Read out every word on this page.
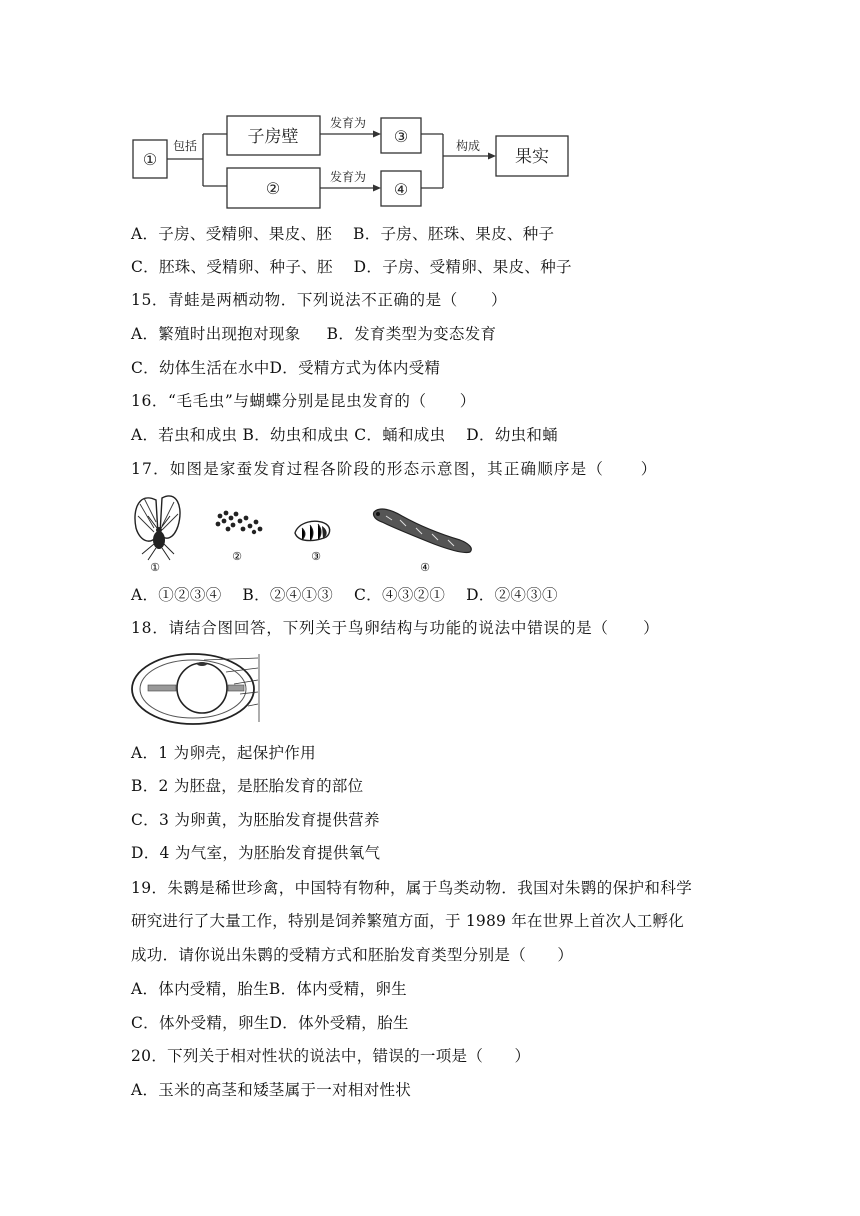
①
包括	子房壁
②
发育为
发育为
③
④
构成
果实
A．子房、受精卵、果皮、胚    B．子房、胚珠、果皮、种子
C．胚珠、受精卵、种子、胚    D．子房、受精卵、果皮、种子
15．青蛙是两栖动物．下列说法不正确的是（      ）
A．繁殖时出现抱对现象     B．发育类型为变态发育
C．幼体生活在水中D．受精方式为体内受精
16．“毛毛虫”与蝴蝶分别是昆虫发育的（      ）
A．若虫和成虫 B．幼虫和成虫 C．蛹和成虫    D．幼虫和蛹
17．如图是家蚕发育过程各阶段的形态示意图，其正确顺序是（      ）
①
②	③
④
A．①②③④    B．②④①③    C．④③②①    D．②④③①
18．请结合图回答，下列关于鸟卵结构与功能的说法中错误的是（      ）
A．1 为卵壳，起保护作用
B．2 为胚盘，是胚胎发育的部位
C．3 为卵黄，为胚胎发育提供营养
D．4 为气室，为胚胎发育提供氧气
19．朱鹮是稀世珍禽，中国特有物种，属于鸟类动物．我国对朱鹮的保护和科学
研究进行了大量工作，特别是饲养繁殖方面，于 1989 年在世界上首次人工孵化
成功．请你说出朱鹮的受精方式和胚胎发育类型分别是（      ）
A．体内受精，胎生B．体内受精，卵生
C．体外受精，卵生D．体外受精，胎生
20．下列关于相对性状的说法中，错误的一项是（      ）
A．玉米的高茎和矮茎属于一对相对性状
